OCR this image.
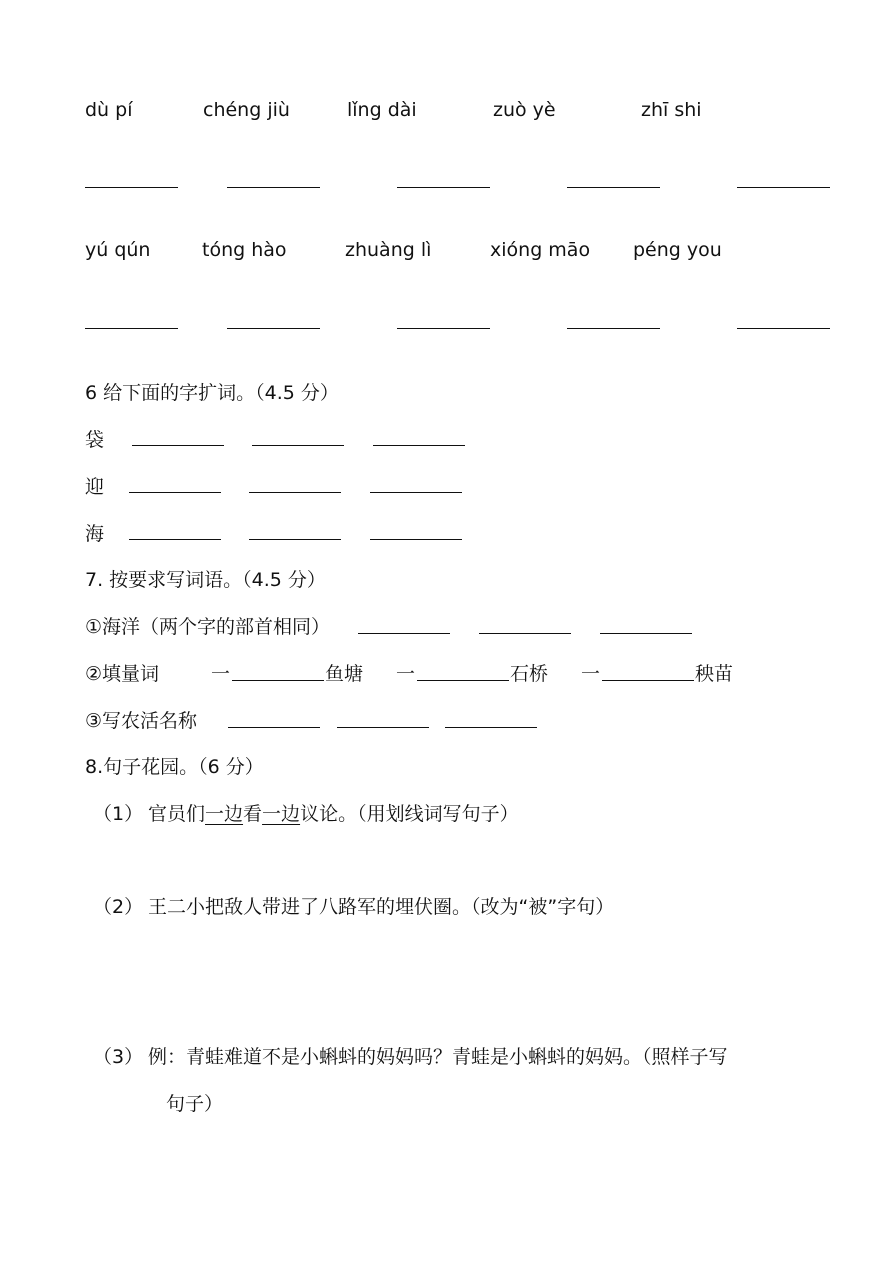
dù pí	chéng jiù	lǐng dài	zuò yè	zhī shi
yú qún	tóng hào	zhuàng lì	xióng māo péng you
6 给下面的字扩词。（4.5 分）
袋
迎
海
7. 按要求写词语。（4.5 分）
①海洋（两个字的部首相同）
②填量词	一	鱼塘 一	石桥 一	秧苗
③写农活名称
8.句子花园。（6 分）
（1） 官员们一边看一边议论。（用划线词写句子）
（2） 王二小把敌人带进了八路军的埋伏圈。（改为“被”字句）
（3） 例：青蛙难道不是小蝌蚪的妈妈吗？青蛙是小蝌蚪的妈妈。（照样子写
句子）
